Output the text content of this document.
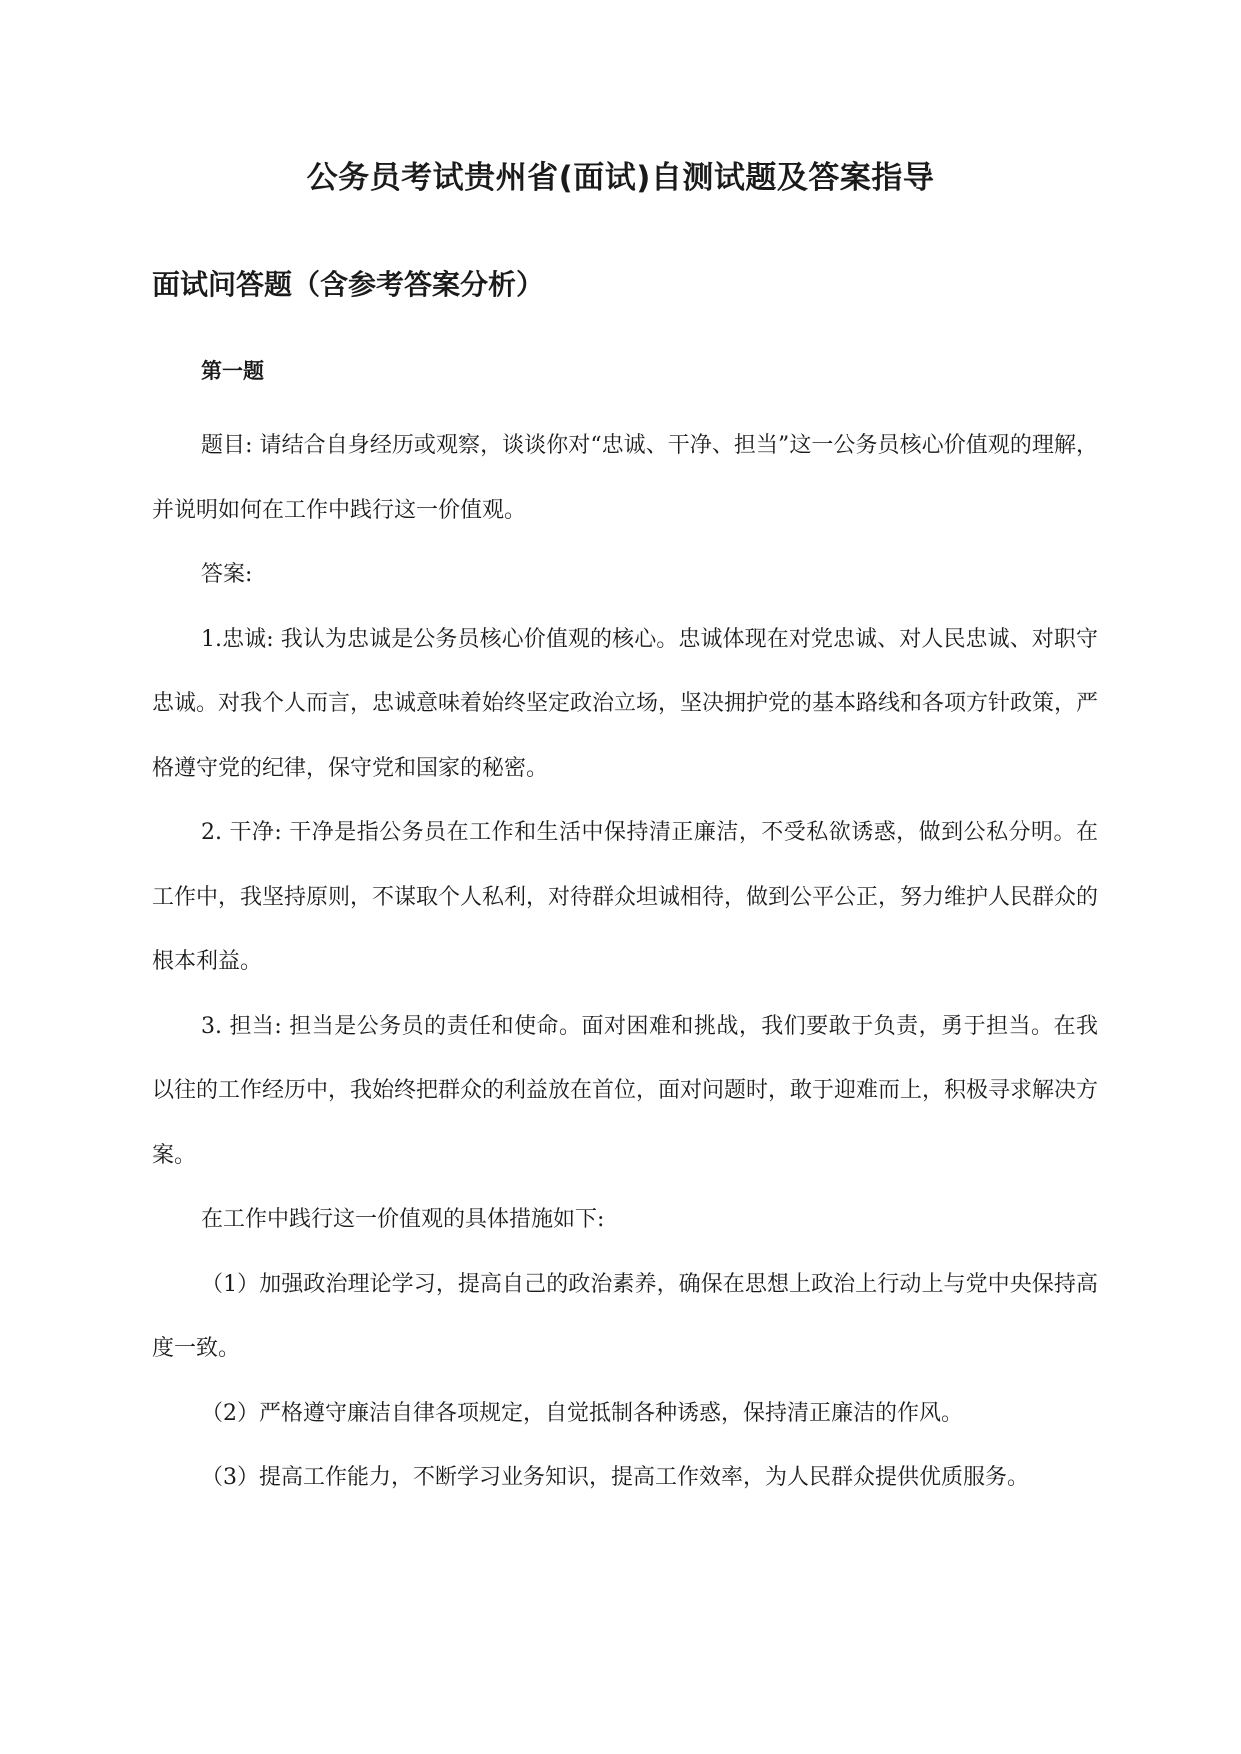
公务员考试贵州省(面试)自测试题及答案指导
面试问答题（含参考答案分析）
第一题

题目: 请结合自身经历或观察，谈谈你对“忠诚、干净、担当”这一公务员核心价值观的理解，并说明如何在工作中践行这一价值观。

答案:

1.忠诚: 我认为忠诚是公务员核心价值观的核心。忠诚体现在对党忠诚、对人民忠诚、对职守忠诚。对我个人而言，忠诚意味着始终坚定政治立场，坚决拥护党的基本路线和各项方针政策，严格遵守党的纪律，保守党和国家的秘密。

2. 干净: 干净是指公务员在工作和生活中保持清正廉洁，不受私欲诱惑，做到公私分明。在工作中，我坚持原则，不谋取个人私利，对待群众坦诚相待，做到公平公正，努力维护人民群众的根本利益。

3. 担当: 担当是公务员的责任和使命。面对困难和挑战，我们要敢于负责，勇于担当。在我以往的工作经历中，我始终把群众的利益放在首位，面对问题时，敢于迎难而上，积极寻求解决方案。

在工作中践行这一价值观的具体措施如下:

（1）加强政治理论学习，提高自己的政治素养，确保在思想上政治上行动上与党中央保持高度一致。

（2）严格遵守廉洁自律各项规定，自觉抵制各种诱惑，保持清正廉洁的作风。

（3）提高工作能力，不断学习业务知识，提高工作效率，为人民群众提供优质服务。
